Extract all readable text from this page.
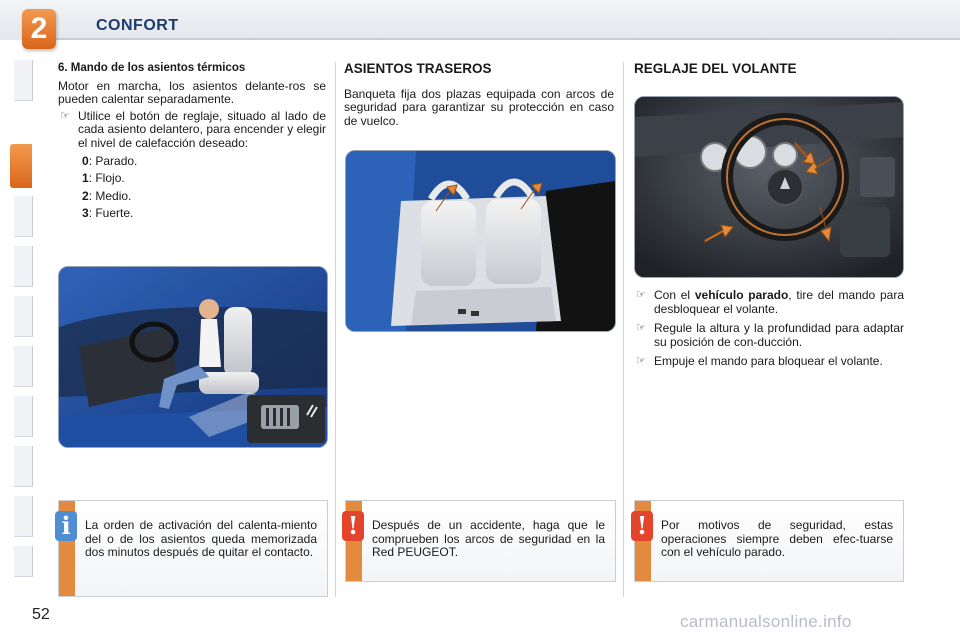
2	CONFORT
6. Mando de los asientos térmicos
Motor en marcha, los asientos delante-ros se pueden calentar separadamente.
☞ Utilice el botón de reglaje, situado al lado de cada asiento delantero, para encender y elegir el nivel de calefacción deseado:
0: Parado.
1: Flojo.
2: Medio.
3: Fuerte.
i	La orden de activación del calenta-miento del o de los asientos queda memorizada dos minutos después de quitar el contacto.
ASIENTOS TRASEROS
Banqueta fija dos plazas equipada con arcos de seguridad para garantizar su protección en caso de vuelco.
!	Después de un accidente, haga que le comprueben los arcos de seguridad en la Red PEUGEOT.
REGLAJE DEL VOLANTE
☞ Con el vehículo parado, tire del mando para desbloquear el volante.
☞ Regule la altura y la profundidad para adaptar su posición de con-ducción.
☞ Empuje el mando para bloquear el volante.
!	Por motivos de seguridad, estas operaciones siempre deben efec-tuarse con el vehículo parado.
52	carmanualsonline.info
